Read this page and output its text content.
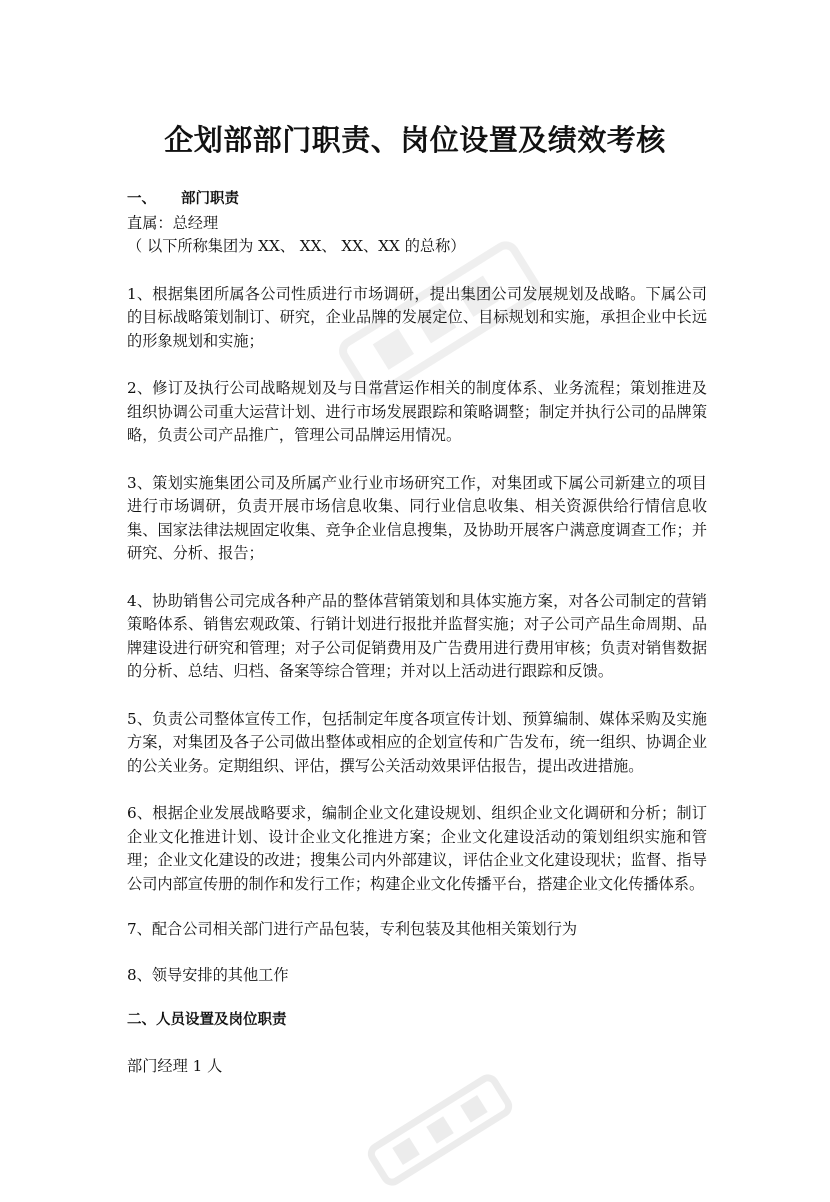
企划部部门职责、岗位设置及绩效考核

一、 部门职责

直属：总经理

（ 以下所称集团为 XX、 XX、 XX、XX 的总称）

1、根据集团所属各公司性质进行市场调研，提出集团公司发展规划及战略。下属公司的目标战略策划制订、研究，企业品牌的发展定位、目标规划和实施，承担企业中长远的形象规划和实施；

2、修订及执行公司战略规划及与日常营运作相关的制度体系、业务流程；策划推进及组织协调公司重大运营计划、进行市场发展跟踪和策略调整；制定并执行公司的品牌策略，负责公司产品推广，管理公司品牌运用情况。

3、策划实施集团公司及所属产业行业市场研究工作，对集团或下属公司新建立的项目进行市场调研，负责开展市场信息收集、同行业信息收集、相关资源供给行情信息收集、国家法律法规固定收集、竞争企业信息搜集，及协助开展客户满意度调查工作；并研究、分析、报告；

4、协助销售公司完成各种产品的整体营销策划和具体实施方案，对各公司制定的营销策略体系、销售宏观政策、行销计划进行报批并监督实施；对子公司产品生命周期、品牌建设进行研究和管理；对子公司促销费用及广告费用进行费用审核；负责对销售数据的分析、总结、归档、备案等综合管理；并对以上活动进行跟踪和反馈。

5、负责公司整体宣传工作，包括制定年度各项宣传计划、预算编制、媒体采购及实施方案，对集团及各子公司做出整体或相应的企划宣传和广告发布，统一组织、协调企业的公关业务。定期组织、评估，撰写公关活动效果评估报告，提出改进措施。

6、根据企业发展战略要求，编制企业文化建设规划、组织企业文化调研和分析；制订企业文化推进计划、设计企业文化推进方案；企业文化建设活动的策划组织实施和管理；企业文化建设的改进；搜集公司内外部建议，评估企业文化建设现状；监督、指导公司内部宣传册的制作和发行工作；构建企业文化传播平台，搭建企业文化传播体系。

7、配合公司相关部门进行产品包装，专利包装及其他相关策划行为

8、领导安排的其他工作

二、人员设置及岗位职责

部门经理 1 人
